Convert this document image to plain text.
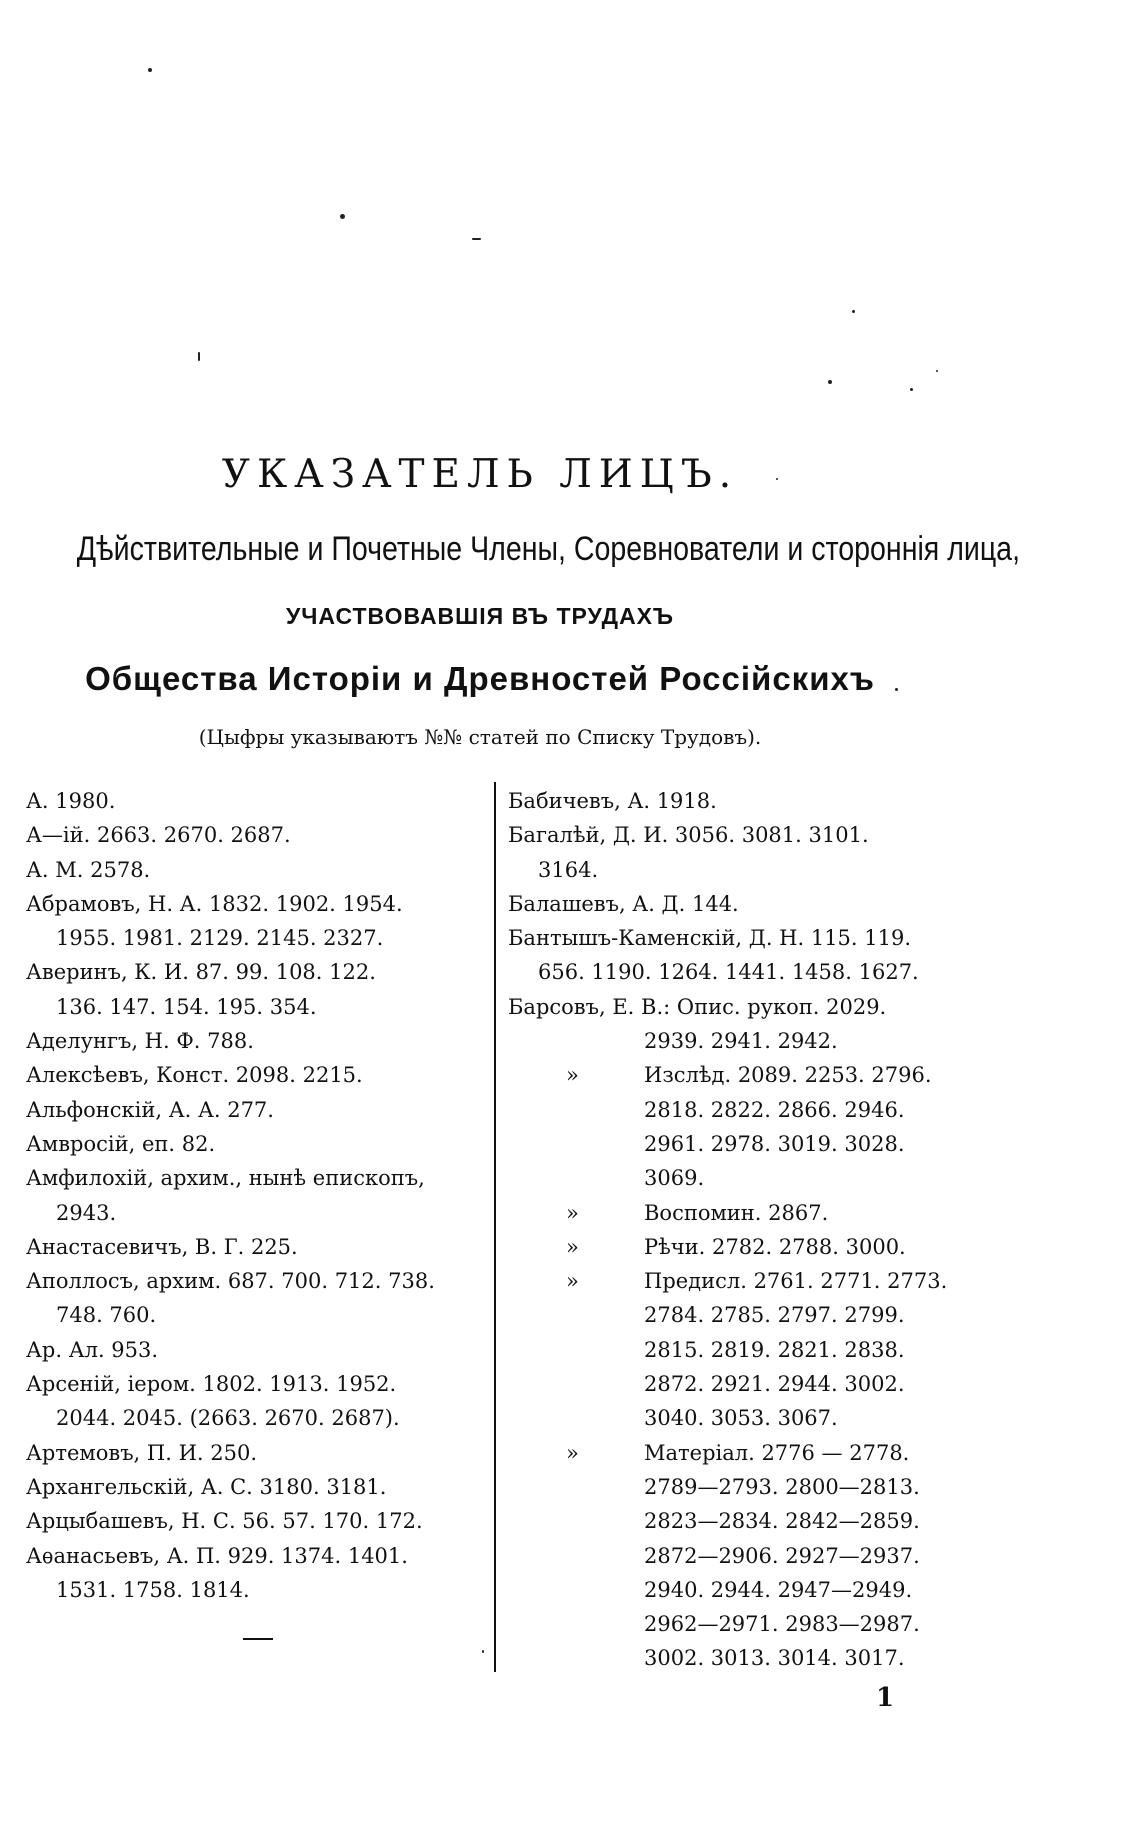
УКАЗАТЕЛЬ ЛИЦЪ.
Дѣйствительные и Почетные Члены, Соревнователи и стороннія лица,
УЧАСТВОВАВШІЯ ВЪ ТРУДАХЪ
Общества Исторіи и Древностей Россійскихъ
(Цыфры указываютъ №№ статей по Списку Трудовъ).
А. 1980.
А—ій. 2663. 2670. 2687.
А. М. 2578.
Абрамовъ, Н. А. 1832. 1902. 1954.
1955. 1981. 2129. 2145. 2327.
Аверинъ, К. И. 87. 99. 108. 122.
136. 147. 154. 195. 354.
Аделунгъ, Н. Ф. 788.
Алексѣевъ, Конст. 2098. 2215.
Альфонскій, А. А. 277.
Амвросій, еп. 82.
Амфилохій, архим., нынѣ епископъ,
2943.
Анастасевичъ, В. Г. 225.
Аполлосъ, архим. 687. 700. 712. 738.
748. 760.
Ар. Ал. 953.
Арсеній, іером. 1802. 1913. 1952.
2044. 2045. (2663. 2670. 2687).
Артемовъ, П. И. 250.
Архангельскій, А. С. 3180. 3181.
Арцыбашевъ, Н. С. 56. 57. 170. 172.
Аѳанасьевъ, А. П. 929. 1374. 1401.
1531. 1758. 1814.
Бабичевъ, А. 1918.
Багалѣй, Д. И. 3056. 3081. 3101.
3164.
Балашевъ, А. Д. 144.
Бантышъ-Каменскій, Д. Н. 115. 119.
656. 1190. 1264. 1441. 1458. 1627.
Барсовъ, Е. В.: Опис. рукоп. 2029.
2939. 2941. 2942.
»	Изслѣд. 2089. 2253. 2796.
2818. 2822. 2866. 2946.
2961. 2978. 3019. 3028.
3069.
»	Воспомин. 2867.
»	Рѣчи. 2782. 2788. 3000.
»	Предисл. 2761. 2771. 2773.
2784. 2785. 2797. 2799.
2815. 2819. 2821. 2838.
2872. 2921. 2944. 3002.
3040. 3053. 3067.
»	Матеріал. 2776 — 2778.
2789—2793. 2800—2813.
2823—2834. 2842—2859.
2872—2906. 2927—2937.
2940. 2944. 2947—2949.
2962—2971. 2983—2987.
3002. 3013. 3014. 3017.
1
